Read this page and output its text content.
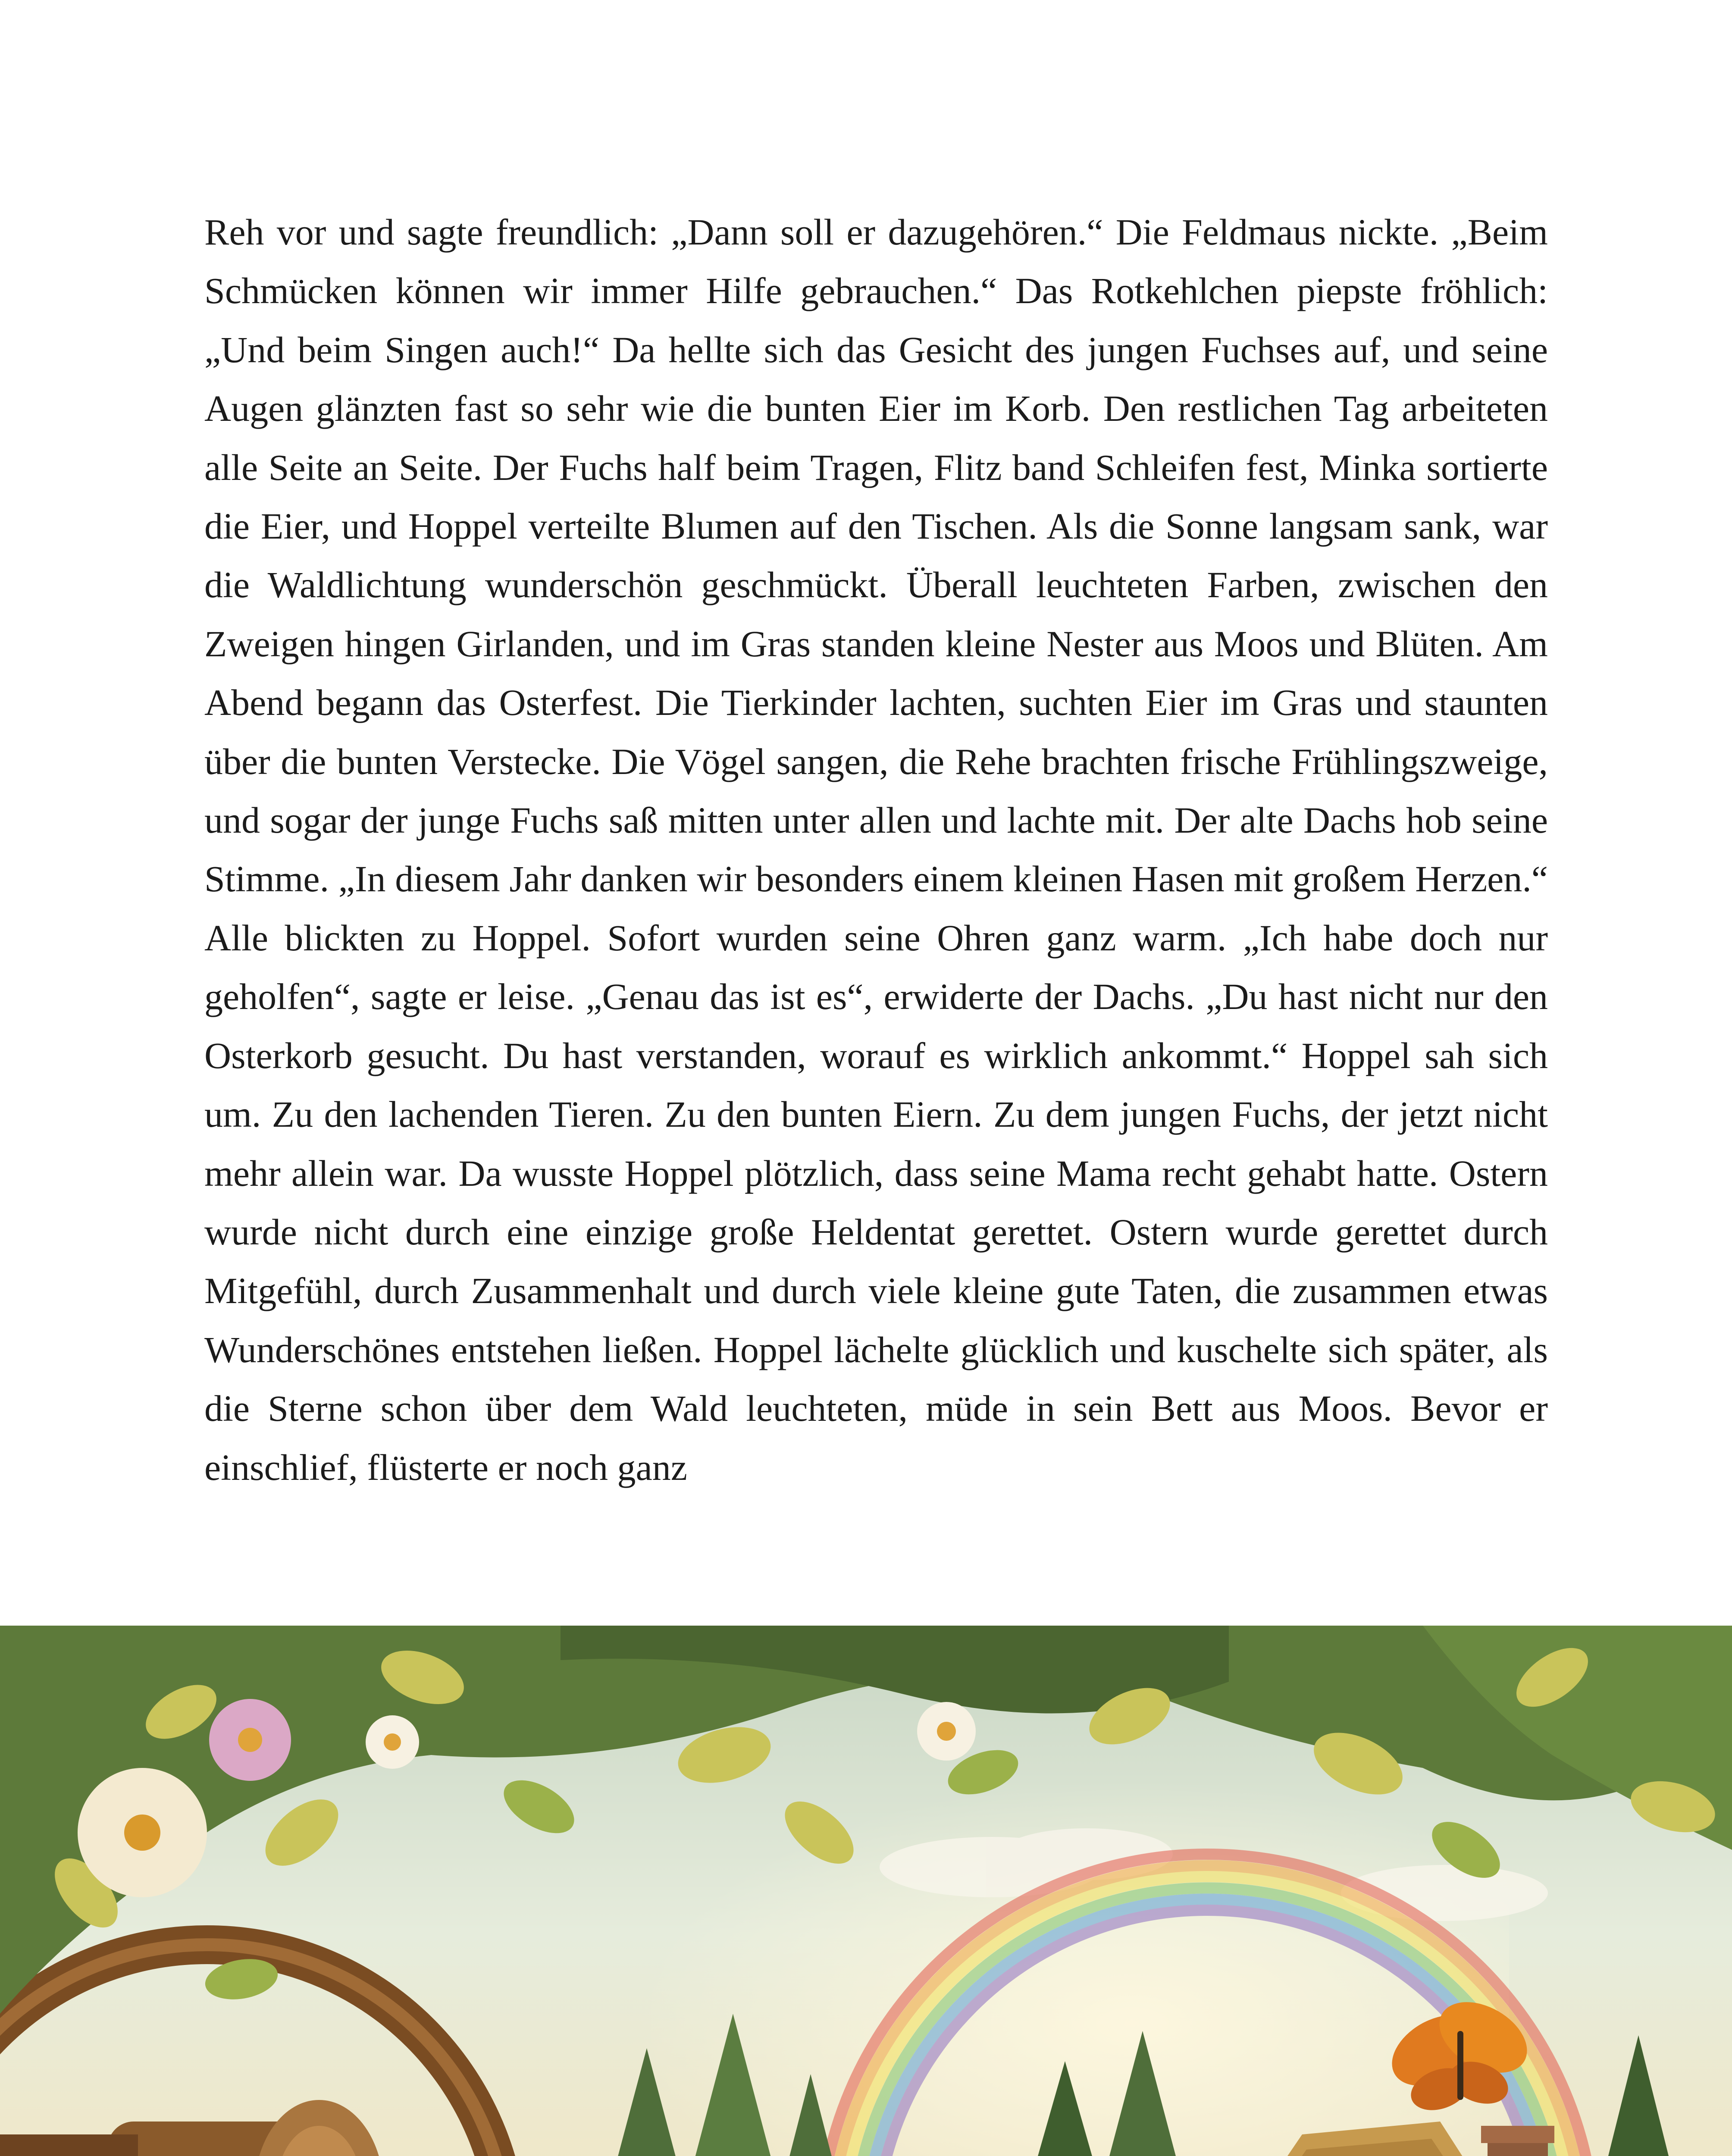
Reh vor und sagte freundlich: „Dann soll er dazugehören.“ Die Feldmaus nickte. „Beim Schmücken können wir immer Hilfe gebrauchen.“ Das Rotkehlchen piepste fröhlich: „Und beim Singen auch!“ Da hellte sich das Gesicht des jungen Fuchses auf, und seine Augen glänzten fast so sehr wie die bunten Eier im Korb. Den restlichen Tag arbeiteten alle Seite an Seite. Der Fuchs half beim Tragen, Flitz band Schleifen fest, Minka sortierte die Eier, und Hoppel verteilte Blumen auf den Tischen. Als die Sonne langsam sank, war die Waldlichtung wunderschön geschmückt. Überall leuchteten Farben, zwischen den Zweigen hingen Girlanden, und im Gras standen kleine Nester aus Moos und Blüten. Am Abend begann das Osterfest. Die Tierkinder lachten, suchten Eier im Gras und staunten über die bunten Verstecke. Die Vögel sangen, die Rehe brachten frische Frühlingszweige, und sogar der junge Fuchs saß mitten unter allen und lachte mit. Der alte Dachs hob seine Stimme. „In diesem Jahr danken wir besonders einem kleinen Hasen mit großem Herzen.“ Alle blickten zu Hoppel. Sofort wurden seine Ohren ganz warm. „Ich habe doch nur geholfen“, sagte er leise. „Genau das ist es“, erwiderte der Dachs. „Du hast nicht nur den Osterkorb gesucht. Du hast verstanden, worauf es wirklich ankommt.“ Hoppel sah sich um. Zu den lachenden Tieren. Zu den bunten Eiern. Zu dem jungen Fuchs, der jetzt nicht mehr allein war. Da wusste Hoppel plötzlich, dass seine Mama recht gehabt hatte. Ostern wurde nicht durch eine einzige große Heldentat gerettet. Ostern wurde gerettet durch Mitgefühl, durch Zusammenhalt und durch viele kleine gute Taten, die zusammen etwas Wunderschönes entstehen ließen. Hoppel lächelte glücklich und kuschelte sich später, als die Sterne schon über dem Wald leuchteten, müde in sein Bett aus Moos. Bevor er einschlief, flüsterte er noch ganz
